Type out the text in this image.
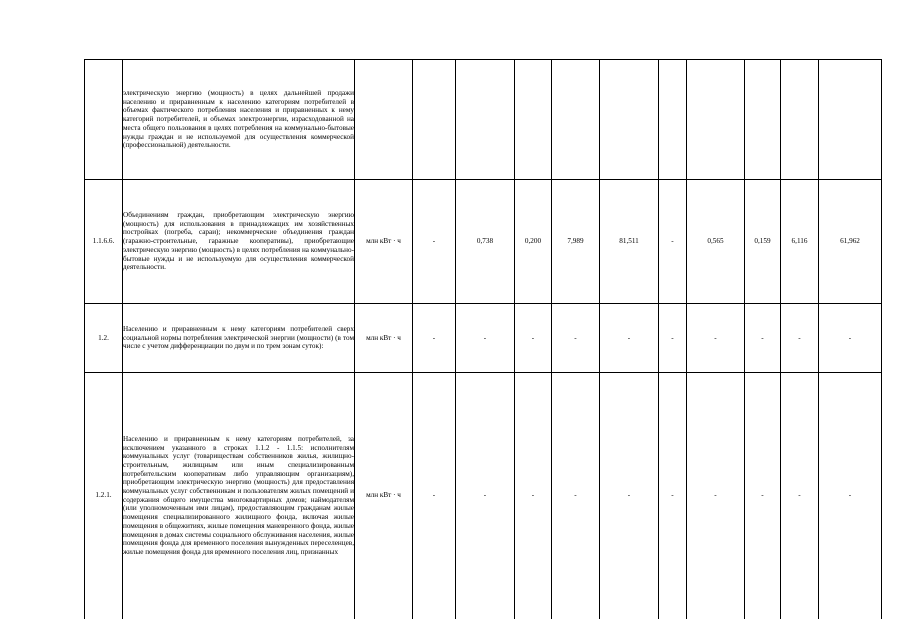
	электрическую энергию (мощность) в целях дальнейшей продажи населению и приравненным к населению категориям потребителей в объемах фактического потребления населения и приравненных к нему категорий потребителей, и объемах электроэнергии, израсходованной на места общего пользования в целях потребления на коммунально-бытовые нужды граждан и не используемой для осуществления коммерческой (профессиональной) деятельности.											

1.1.6.6.	Объединениям граждан, приобретающим электрическую энергию (мощность) для использования в принадлежащих им хозяйственных постройках (погреба, сараи); некоммерческие объединения граждан (гаражно-строительные, гаражные кооперативы), приобретающие электрическую энергию (мощность) в целях потребления на коммунально-бытовые нужды и не используемую для осуществления коммерческой деятельности.	млн кВт · ч	-	0,738	0,200	7,989	81,511	-	0,565	0,159	6,116	61,962
1.2.	Населению и приравненным к нему категориям потребителей сверх социальной нормы потребления электрической энергии (мощности) (в том числе с учетом дифференциации по двум и по трем зонам суток):	млн кВт · ч	-	-	-	-	-	-	-	-	-	-
1.2.1.	Населению и приравненным к нему категориям потребителей, за исключением указанного в строках 1.1.2 - 1.1.5: исполнителям коммунальных услуг (товариществам собственников жилья, жилищно-строительным, жилищным или иным специализированным потребительским кооперативам либо управляющим организациям), приобретающим электрическую энергию (мощность) для предоставления коммунальных услуг собственникам и пользователям жилых помещений и содержания общего имущества многоквартирных домов; наймодателям (или уполномоченным ими лицам), предоставляющим гражданам жилые помещения специализированного жилищного фонда, включая жилые помещения в общежитиях, жилые помещения маневренного фонда, жилые помещения в домах системы социального обслуживания населения, жилые помещения фонда для временного поселения вынужденных переселенцев, жилые помещения фонда для временного поселения лиц, признанных	млн кВт · ч	-	-	-	-	-	-	-	-	-	-
